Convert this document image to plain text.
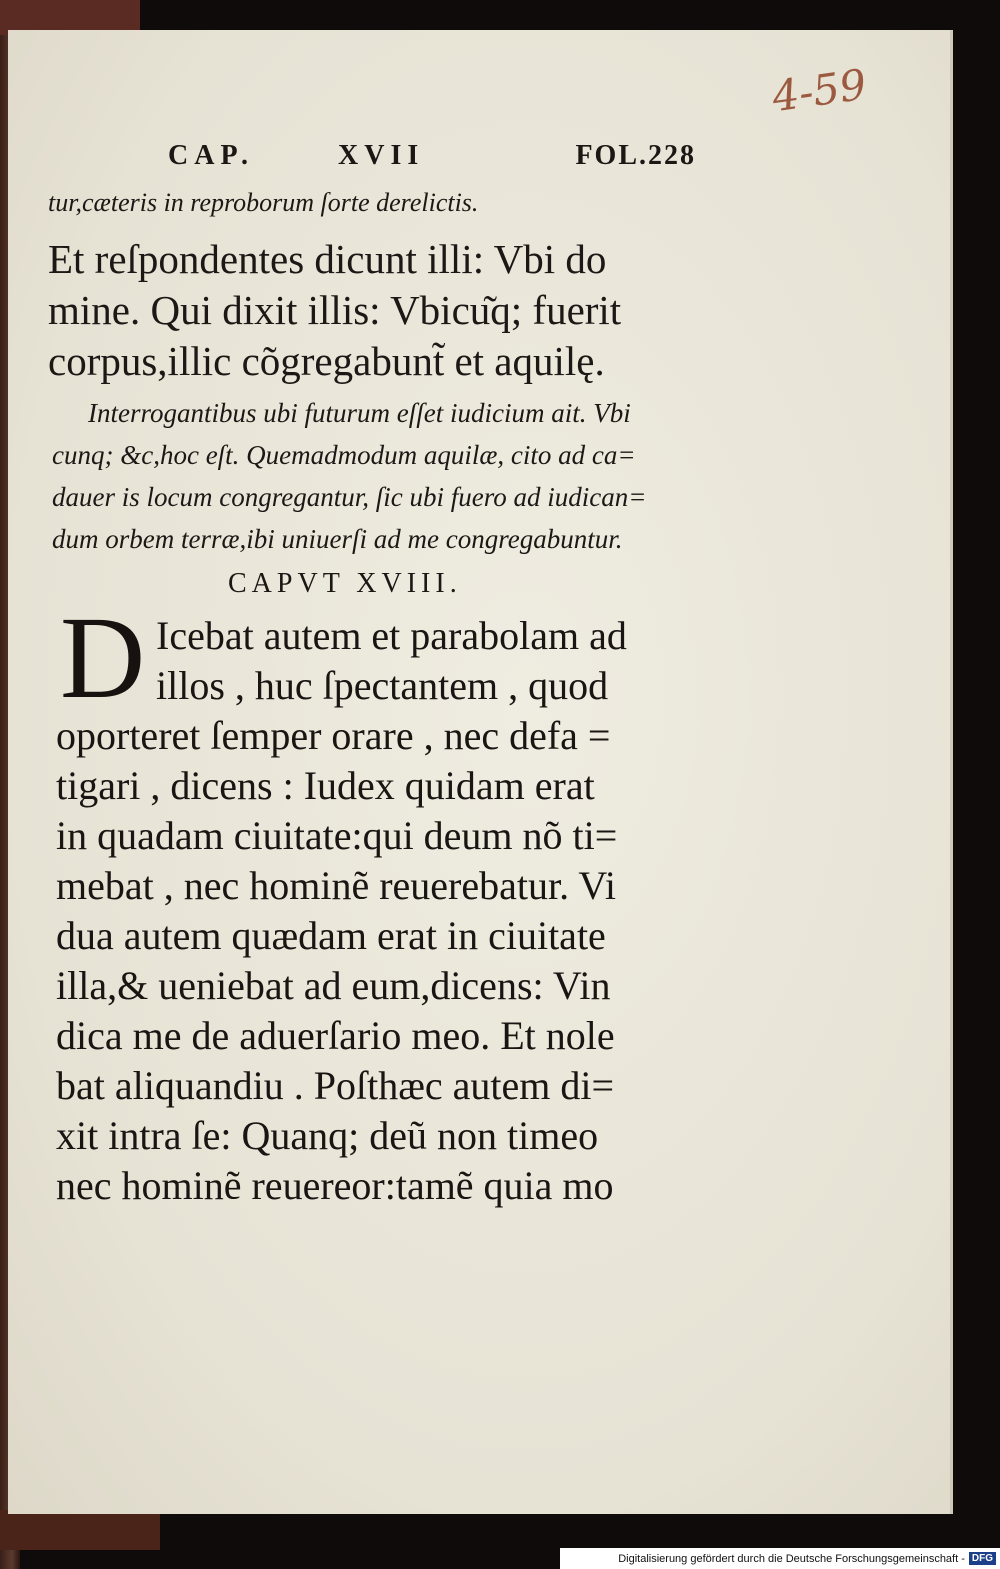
4-59
CAP.	XVII	FOL.228
tur,cæteris in reproborum ſorte derelictis.
Et reſpondentes dicunt illi: Vbi do
mine. Qui dixit illis: Vbicu͂q; fuerit
corpus,illic cõgregabunt̃ et aquilę.
Interrogantibus ubi futurum eſſet iudicium ait. Vbi
cunq; &c,hoc eſt. Quemadmodum aquilæ, cito ad ca=
dauer is locum congregantur, ſic ubi fuero ad iudican=
dum orbem terræ,ibi uniuerſi ad me congregabuntur.
CAPVT XVIII.
D Icebat autem et parabolam ad
illos , huc ſpectantem , quod
oporteret ſemper orare , nec defa =
tigari , dicens : Iudex quidam erat
in quadam ciuitate:qui deum nõ ti=
mebat , nec hominẽ reuerebatur. Vi
dua autem quædam erat in ciuitate
illa,& ueniebat ad eum,dicens: Vin
dica me de aduerſario meo. Et nole
bat aliquandiu . Poſthæc autem di=
xit intra ſe: Quanq; deũ non timeo
nec hominẽ reuereor:tamẽ quia mo
Digitalisierung gefördert durch die Deutsche Forschungsgemeinschaft - DFG
